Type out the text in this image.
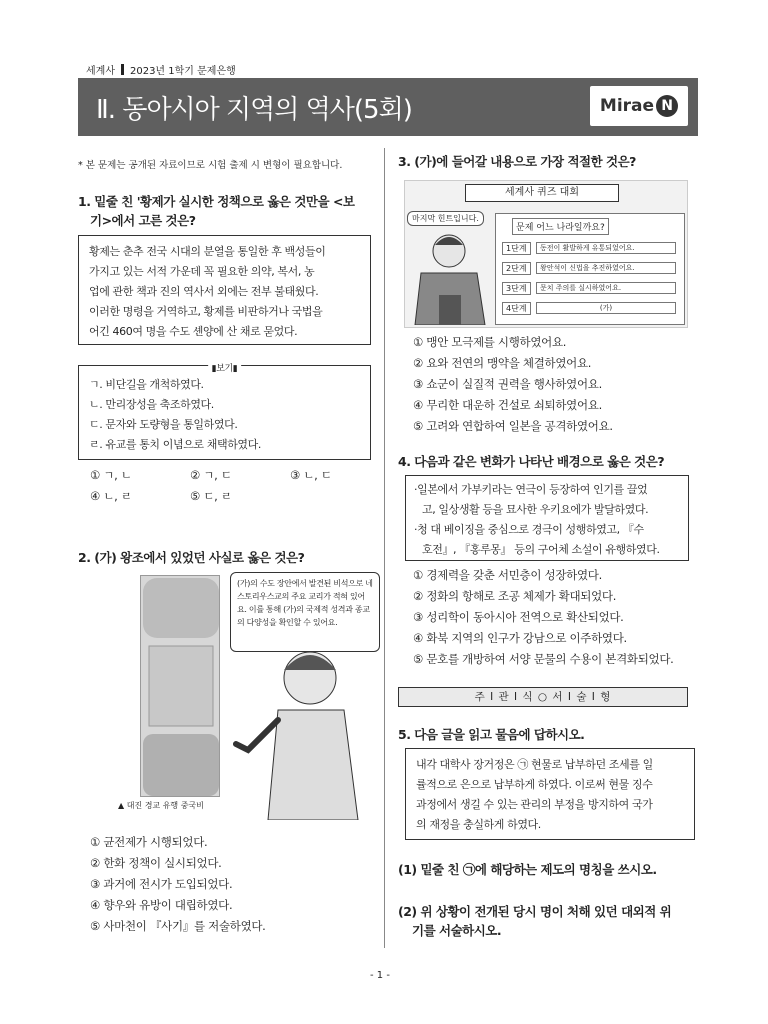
세계사 2023년 1학기 문제은행
Ⅱ. 동아시아 지역의 역사(5회)	Mirae N
* 본 문제는 공개된 자료이므로 시험 출제 시 변형이 필요합니다.
1. 밑줄 친 '황제가 실시한 정책으로 옳은 것만을 <보
기>에서 고른 것은?
황제는 춘추 전국 시대의 분열을 통일한 후 백성들이
가지고 있는 서적 가운데 꼭 필요한 의약, 복서, 농
업에 관한 책과 진의 역사서 외에는 전부 불태웠다.
이러한 명령을 거역하고, 황제를 비판하거나 국법을
어긴 460여 명을 수도 셴양에 산 채로 묻었다.
▮보기▮
ㄱ. 비단길을 개척하였다.
ㄴ. 만리장성을 축조하였다.
ㄷ. 문자와 도량형을 통일하였다.
ㄹ. 유교를 통치 이념으로 채택하였다.
① ㄱ, ㄴ	② ㄱ, ㄷ	③ ㄴ, ㄷ
④ ㄴ, ㄹ	⑤ ㄷ, ㄹ
2. (가) 왕조에서 있었던 사실로 옳은 것은?
▲ 대진 경교 유행 중국비
(가)의 수도 장안에서 발견된 비석으로 네스토리우스교의 주요 교리가 적혀 있어요. 이를 통해 (가)의 국제적 성격과 종교의 다양성을 확인할 수 있어요.
① 균전제가 시행되었다.
② 한화 정책이 실시되었다.
③ 과거에 전시가 도입되었다.
④ 향우와 유방이 대립하였다.
⑤ 사마천이 『사기』를 저술하였다.
3. (가)에 들어갈 내용으로 가장 적절한 것은?
세계사 퀴즈 대회
마지막 힌트입니다.
문제 어느 나라일까요?
1단계	동전이 활발하게 유통되었어요.
2단계	왕안석이 신법을 추진하였어요.
3단계	문치 주의를 실시하였어요.
4단계	(가)
① 맹안 모극제를 시행하였어요.
② 요와 전연의 맹약을 체결하였어요.
③ 쇼군이 실질적 권력을 행사하였어요.
④ 무리한 대운하 건설로 쇠퇴하였어요.
⑤ 고려와 연합하여 일본을 공격하였어요.
4. 다음과 같은 변화가 나타난 배경으로 옳은 것은?
·일본에서 가부키라는 연극이 등장하여 인기를 끌었
고, 일상생활 등을 묘사한 우키요에가 발달하였다.
·청 대 베이징을 중심으로 경극이 성행하였고, 『수
호전』, 『홍루몽』 등의 구어체 소설이 유행하였다.
① 경제력을 갖춘 서민층이 성장하였다.
② 정화의 항해로 조공 체제가 확대되었다.
③ 성리학이 동아시아 전역으로 확산되었다.
④ 화북 지역의 인구가 강남으로 이주하였다.
⑤ 문호를 개방하여 서양 문물의 수용이 본격화되었다.
주 I 관 I 식 ○ 서 I 술 I 형
5. 다음 글을 읽고 물음에 답하시오.
내각 대학사 장거정은 ㉠ 현물로 납부하던 조세를 일
률적으로 은으로 납부하게 하였다. 이로써 현물 징수
과정에서 생길 수 있는 관리의 부정을 방지하여 국가
의 재정을 충실하게 하였다.
(1) 밑줄 친 ㉠에 해당하는 제도의 명칭을 쓰시오.
(2) 위 상황이 전개된 당시 명이 처해 있던 대외적 위
기를 서술하시오.
- 1 -
